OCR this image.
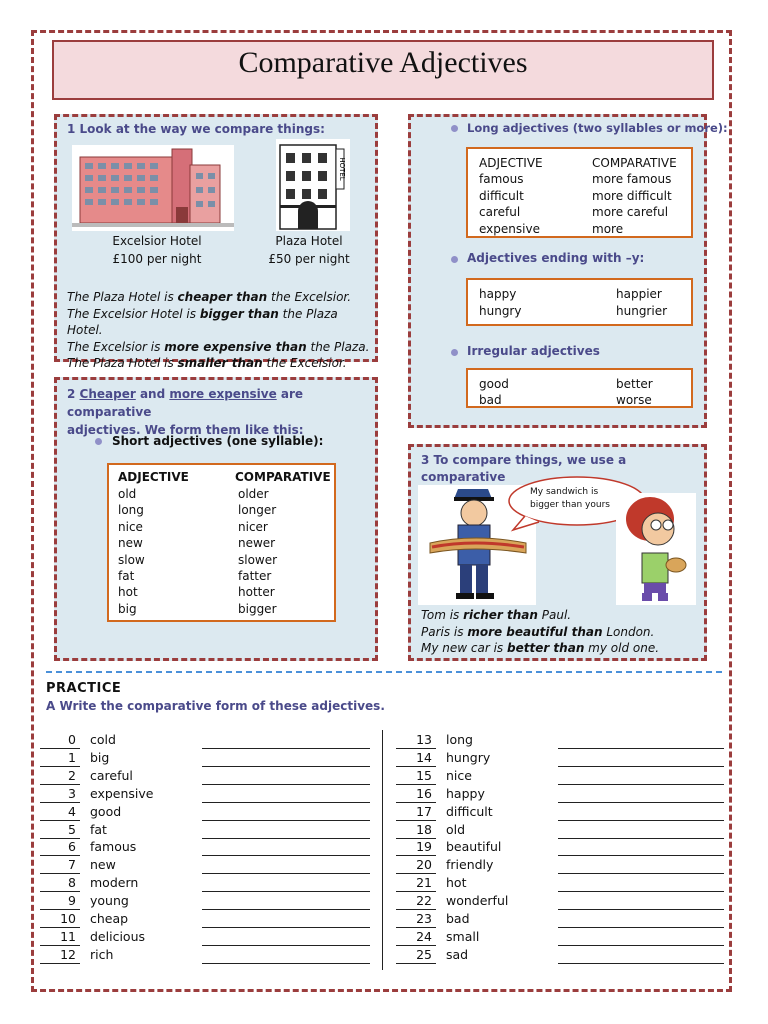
Comparative Adjectives
1 Look at the way we compare things:
HOTEL
Excelsior Hotel
£100 per night
Plaza Hotel
£50 per night
The Plaza Hotel is cheaper than the Excelsior.
The Excelsior Hotel is bigger than the Plaza Hotel.
The Excelsior is more expensive than the Plaza.
The Plaza Hotel is smaller than the Excelsior.
2 Cheaper and more expensive are comparative
adjectives. We form them like this:
Short adjectives (one syllable):
ADJECTIVE	COMPARATIVE
old
long
nice
new
slow
fat
hot
big
older
longer
nicer
newer
slower
fatter
hotter
bigger
Long adjectives (two syllables or more):
ADJECTIVE	COMPARATIVE
famous
difficult
careful
expensive
more famous
more difficult
more careful
more
Adjectives ending with –y:
happy
hungry
happier
hungrier
Irregular adjectives
good
bad
better
worse
3 To compare things, we use a comparative
My sandwich is
bigger than yours
Tom is richer than Paul.
Paris is more beautiful than London.
My new car is better than my old one.
PRACTICE
A Write the comparative form of these adjectives.
0 cold
1 big
2 careful
3 expensive
4 good
5 fat
6 famous
7 new
8 modern
9 young
10 cheap
11 delicious
12 rich
13 long
14 hungry
15 nice
16 happy
17 difficult
18 old
19 beautiful
20 friendly
21 hot
22 wonderful
23 bad
24 small
25 sad
